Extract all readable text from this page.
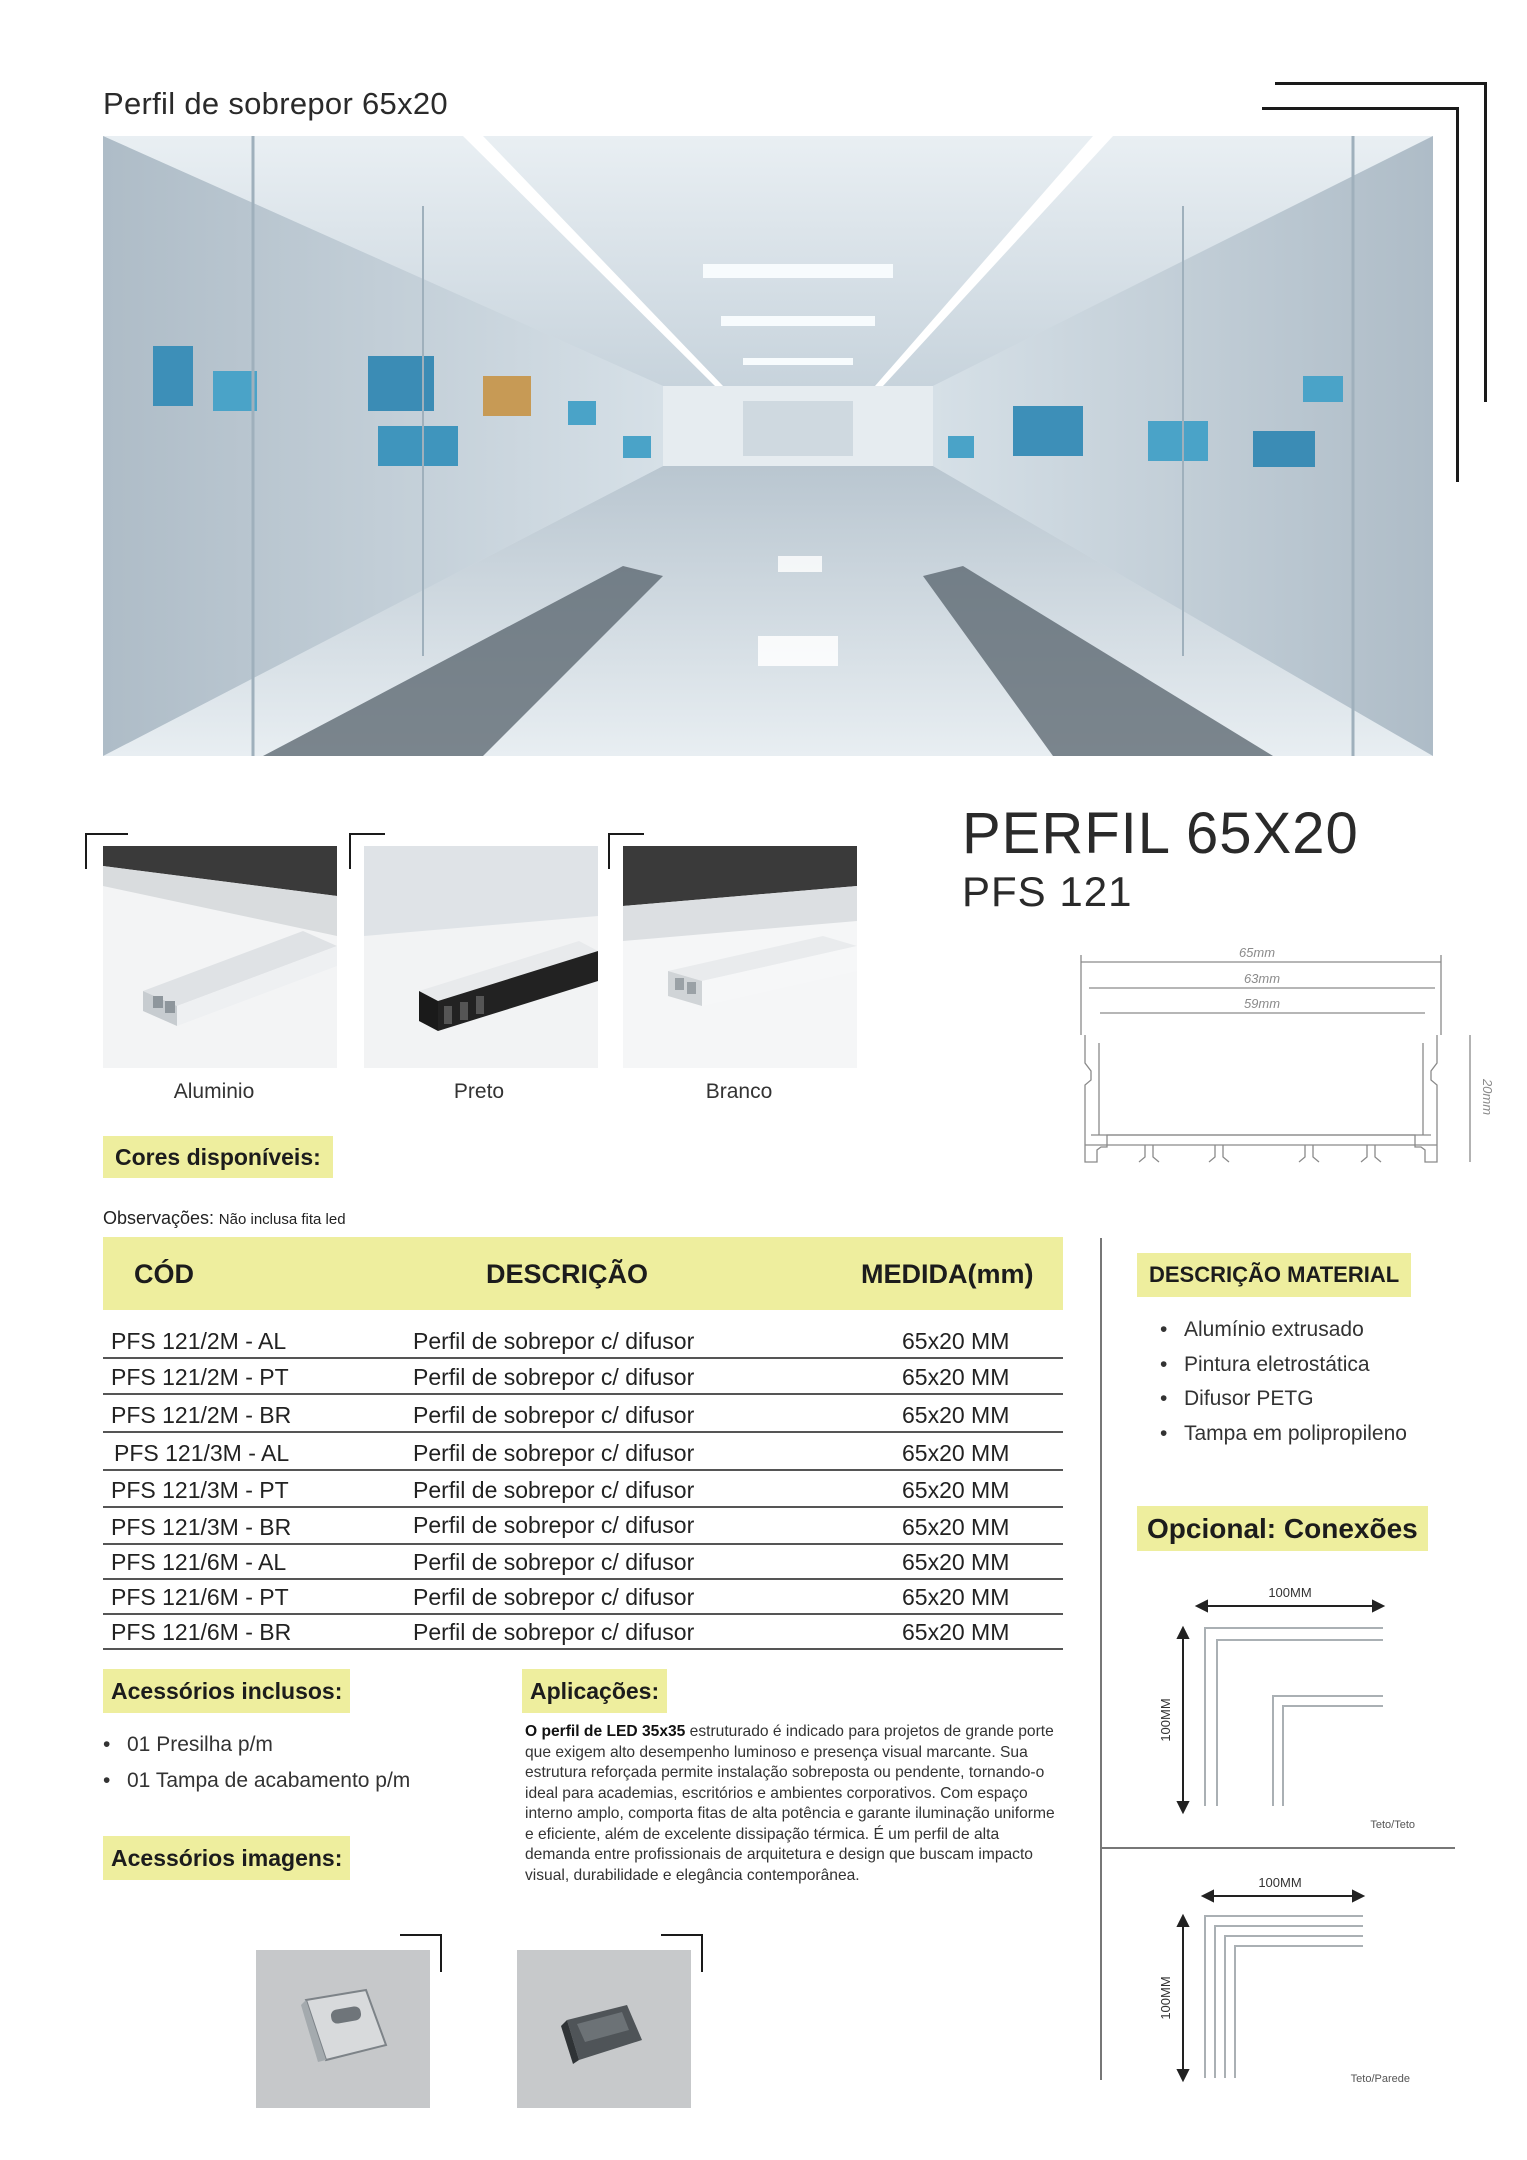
Perfil de sobrepor 65x20
PERFIL 65X20
PFS 121
Aluminio	Preto	Branco
65mm
63mm
59mm
20mm
Cores disponíveis:
Observações: Não inclusa fita led
CÓD	DESCRIÇÃO	MEDIDA(mm)
PFS 121/2M - AL	Perfil de sobrepor c/ difusor	65x20 MM
PFS 121/2M - PT	Perfil de sobrepor c/ difusor	65x20 MM
PFS 121/2M - BR	Perfil de sobrepor c/ difusor	65x20 MM
PFS 121/3M - AL	Perfil de sobrepor c/ difusor	65x20 MM
PFS 121/3M - PT	Perfil de sobrepor c/ difusor	65x20 MM
PFS 121/3M - BR	Perfil de sobrepor c/ difusor	65x20 MM
PFS 121/6M - AL	Perfil de sobrepor c/ difusor	65x20 MM
PFS 121/6M - PT	Perfil de sobrepor c/ difusor	65x20 MM
PFS 121/6M - BR	Perfil de sobrepor c/ difusor	65x20 MM
DESCRIÇÃO MATERIAL
• Alumínio extrusado
• Pintura eletrostática
• Difusor PETG
• Tampa em polipropileno
Opcional: Conexões
100MM
100MM
Teto/Teto
100MM
100MM
Teto/Parede
Acessórios inclusos:
• 01 Presilha p/m
• 01 Tampa de acabamento p/m
Acessórios imagens:
Aplicações:
O perfil de LED 35x35 estruturado é indicado para projetos de grande porte que exigem alto desempenho luminoso e presença visual marcante. Sua estrutura reforçada permite instalação sobreposta ou pendente, tornando-o ideal para academias, escritórios e ambientes corporativos. Com espaço interno amplo, comporta fitas de alta potência e garante iluminação uniforme e eficiente, além de excelente dissipação térmica. É um perfil de alta demanda entre profissionais de arquitetura e design que buscam impacto visual, durabilidade e elegância contemporânea.
